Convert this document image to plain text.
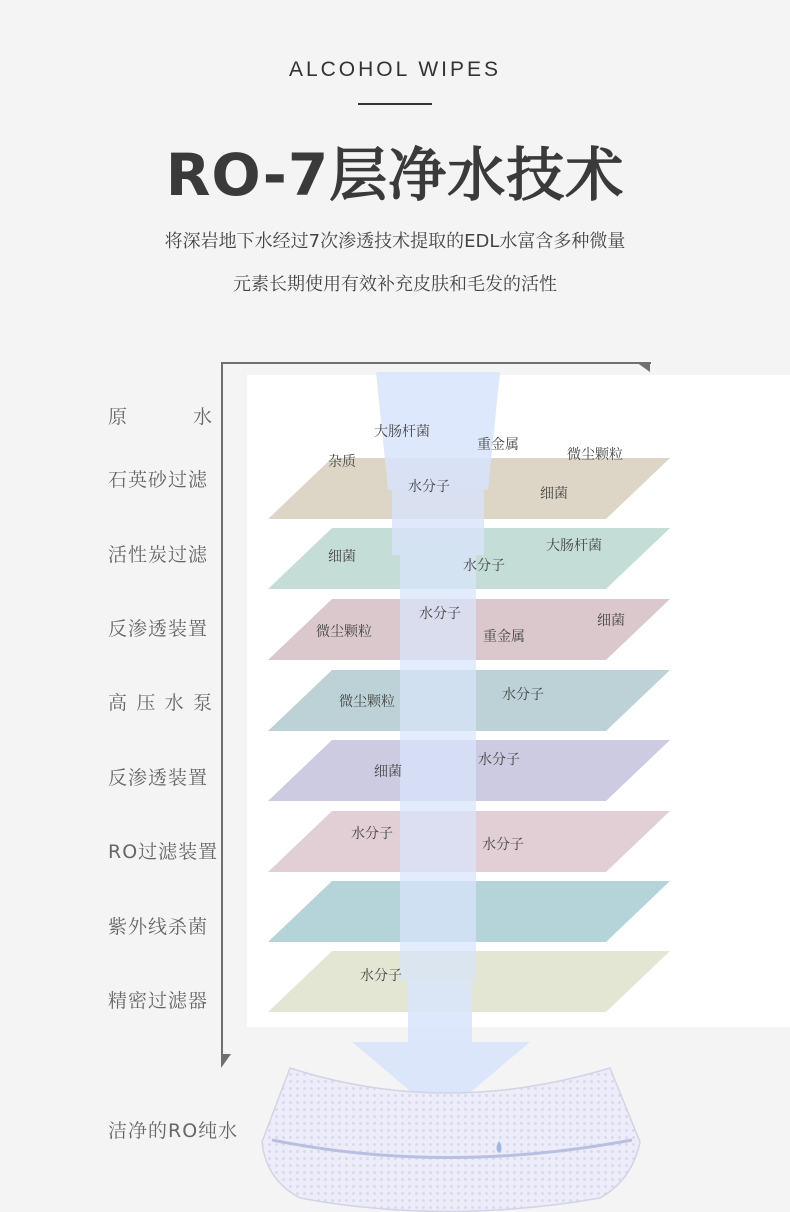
ALCOHOL WIPES
RO-7层净水技术
将深岩地下水经过7次渗透技术提取的EDL水富含多种微量
元素长期使用有效补充皮肤和毛发的活性
大肠杆菌
重金属
微尘颗粒
杂质
水分子	细菌
细菌
大肠杆菌
水分子
水分子
微尘颗粒	重金属
细菌
微尘颗粒	水分子
水分子
细菌
水分子
水分子
水分子
原	水
石英砂过滤
活性炭过滤
反渗透装置
高 压 水 泵
反渗透装置
RO过滤装置
紫外线杀菌
精密过滤器
洁净的RO纯水
